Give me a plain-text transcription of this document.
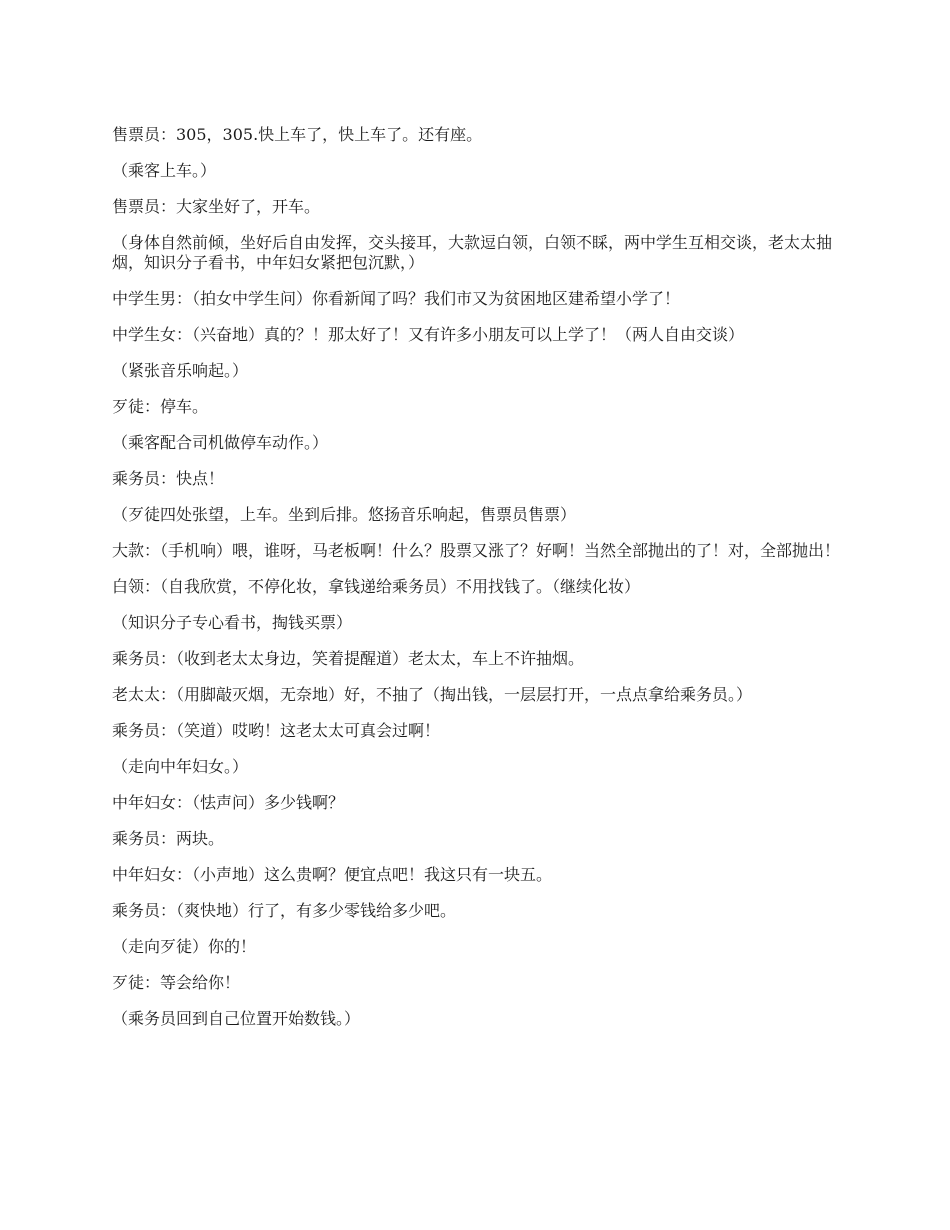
售票员：305，305.快上车了，快上车了。还有座。

（乘客上车。）

售票员：大家坐好了，开车。

（身体自然前倾，坐好后自由发挥，交头接耳，大款逗白领，白领不睬，两中学生互相交谈，老太太抽烟，知识分子看书，中年妇女紧把包沉默，）

中学生男：（拍女中学生问）你看新闻了吗？我们市又为贫困地区建希望小学了！

中学生女：（兴奋地）真的？！那太好了！又有许多小朋友可以上学了！（两人自由交谈）

（紧张音乐响起。）

歹徒：停车。

（乘客配合司机做停车动作。）

乘务员：快点！

（歹徒四处张望，上车。坐到后排。悠扬音乐响起，售票员售票）

大款：（手机响）喂，谁呀，马老板啊！什么？股票又涨了？好啊！当然全部抛出的了！对，全部抛出！

白领：（自我欣赏，不停化妆，拿钱递给乘务员）不用找钱了。（继续化妆）

（知识分子专心看书，掏钱买票）

乘务员：（收到老太太身边，笑着提醒道）老太太，车上不许抽烟。

老太太：（用脚敲灭烟，无奈地）好，不抽了（掏出钱，一层层打开，一点点拿给乘务员。）

乘务员：（笑道）哎哟！这老太太可真会过啊！

（走向中年妇女。）

中年妇女：（怯声问）多少钱啊？

乘务员：两块。

中年妇女：（小声地）这么贵啊？便宜点吧！我这只有一块五。

乘务员：（爽快地）行了，有多少零钱给多少吧。

（走向歹徒）你的！

歹徒：等会给你！

（乘务员回到自己位置开始数钱。）
